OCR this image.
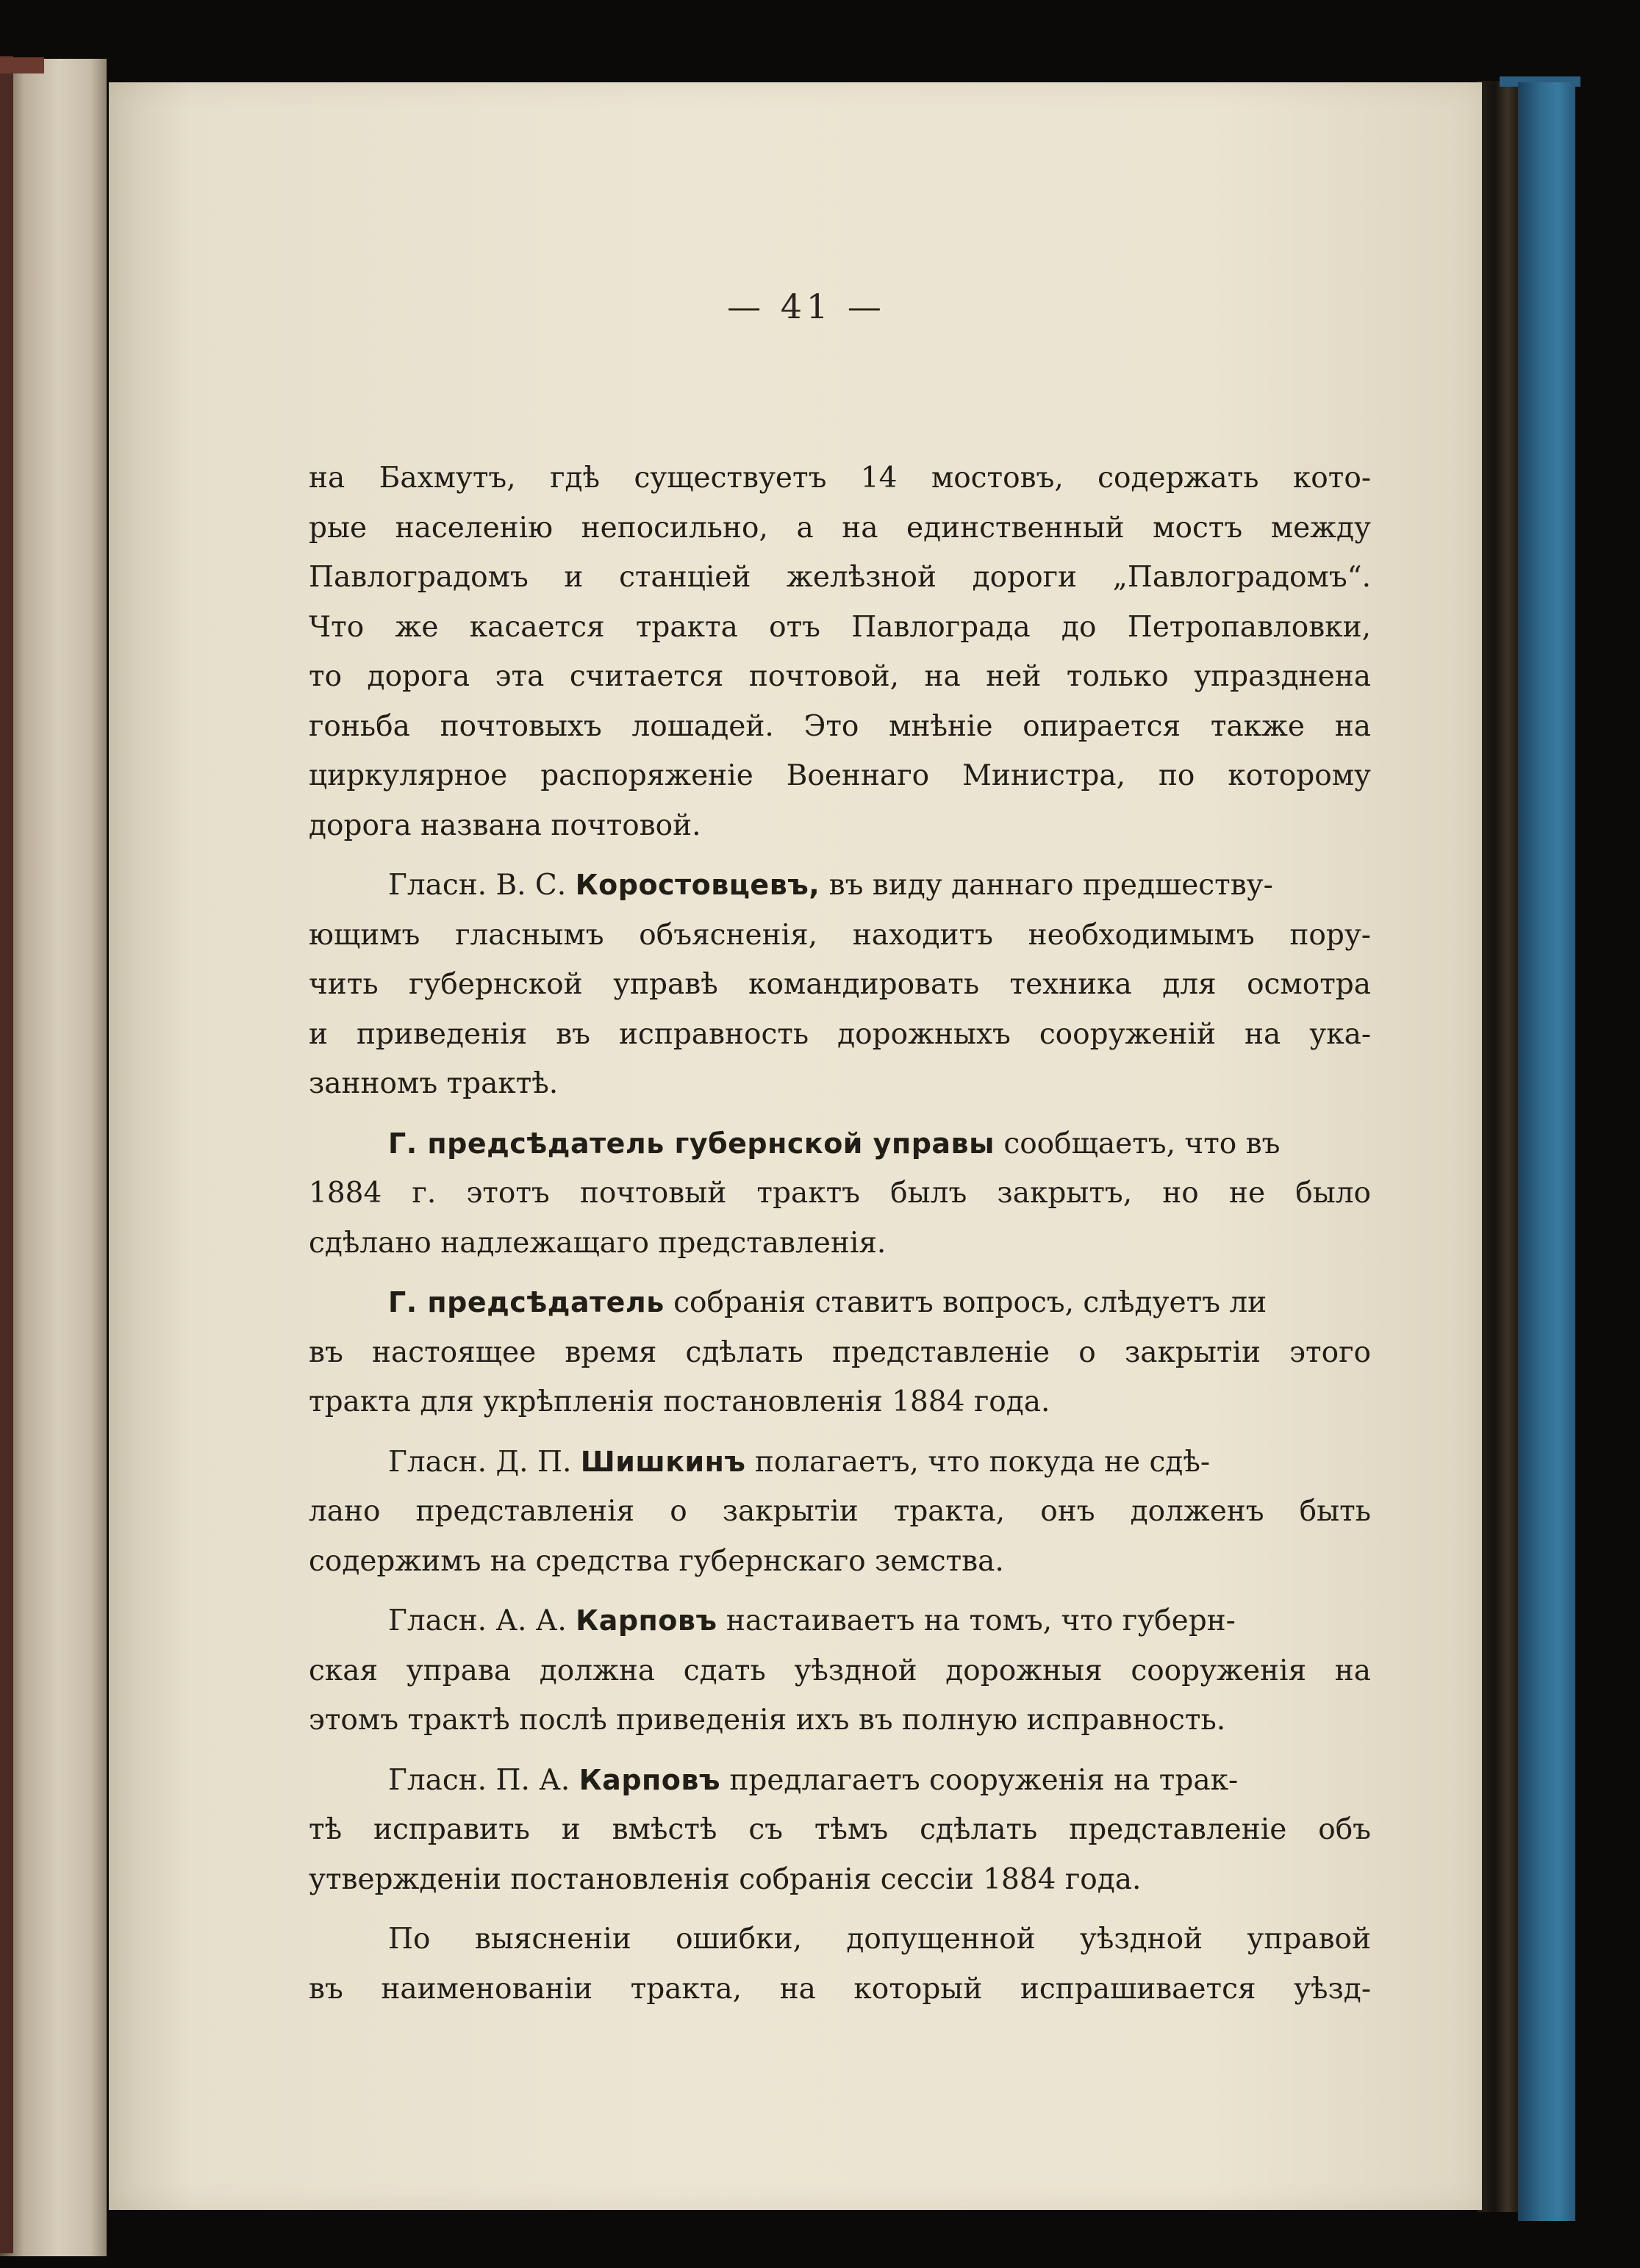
— 41 —
на Бахмутъ, гдѣ существуетъ 14 мостовъ, содержать кото-
рые населенію непосильно, а на единственный мостъ между
Павлоградомъ и станціей желѣзной дороги „Павлоградомъ“.
Что же касается тракта отъ Павлограда до Петропавловки,
то дорога эта считается почтовой, на ней только упразднена
гоньба почтовыхъ лошадей. Это мнѣніе опирается также на
циркулярное распоряженіе Военнаго Министра, по которому
дорога названа почтовой.
Гласн. В. С. Коростовцевъ, въ виду даннаго предшеству-
ющимъ гласнымъ объясненія, находитъ необходимымъ пору-
чить губернской управѣ командировать техника для осмотра
и приведенія въ исправность дорожныхъ сооруженій на ука-
занномъ трактѣ.
Г. предсѣдатель губернской управы сообщаетъ, что въ
1884 г. этотъ почтовый трактъ былъ закрытъ, но не было
сдѣлано надлежащаго представленія.
Г. предсѣдатель собранія ставитъ вопросъ, слѣдуетъ ли
въ настоящее время сдѣлать представленіе о закрытіи этого
тракта для укрѣпленія постановленія 1884 года.
Гласн. Д. П. Шишкинъ полагаетъ, что покуда не сдѣ-
лано представленія о закрытіи тракта, онъ долженъ быть
содержимъ на средства губернскаго земства.
Гласн. А. А. Карповъ настаиваетъ на томъ, что губерн-
ская управа должна сдать уѣздной дорожныя сооруженія на
этомъ трактѣ послѣ приведенія ихъ въ полную исправность.
Гласн. П. А. Карповъ предлагаетъ сооруженія на трак-
тѣ исправить и вмѣстѣ съ тѣмъ сдѣлать представленіе объ
утвержденіи постановленія собранія сессіи 1884 года.
По выясненіи ошибки, допущенной уѣздной управой
въ наименованіи тракта, на который испрашивается уѣзд-
